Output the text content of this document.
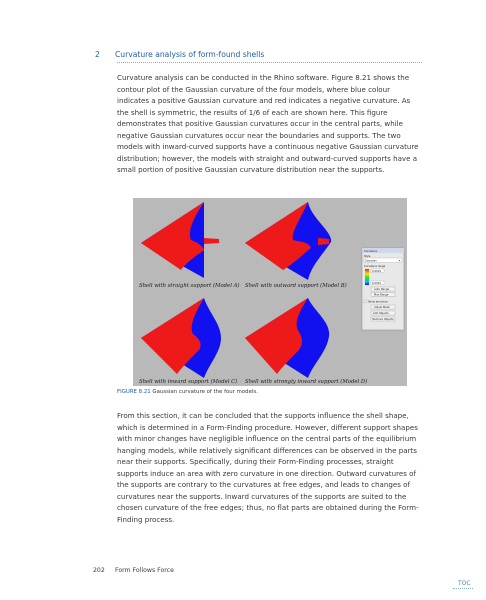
2 Curvature analysis of form-found shells

Curvature analysis can be conducted in the Rhino software. Figure 8.21 shows the contour plot of the Gaussian curvature of the four models, where blue colour indicates a positive Gaussian curvature and red indicates a negative curvature. As the shell is symmetric, the results of 1/6 of each are shown here. This figure demonstrates that positive Gaussian curvatures occur in the central parts, while negative Gaussian curvatures occur near the boundaries and supports. The two models with inward-curved supports have a continuous negative Gaussian curvature distribution; however, the models with straight and outward-curved supports have a small portion of positive Gaussian curvature distribution near the supports.

Shell with straight support (Model A) Shell with outward support (Model B)
Shell with inward support (Model C) Shell with strongly inward support (Model D)
Curvature
Style
Gaussian	▾
Curvature range
0.0001
0.0001
Auto Range
Max Range
Show structure
Adjust Mesh
Add Objects
Remove Objects
FIGURE 8.21 Gaussian curvature of the four models.

From this section, it can be concluded that the supports influence the shell shape, which is determined in a Form-Finding procedure. However, different support shapes with minor changes have negligible influence on the central parts of the equilibrium hanging models, while relatively significant differences can be observed in the parts near their supports. Specifically, during their Form-Finding processes, straight supports induce an area with zero curvature in one direction. Outward curvatures of the supports are contrary to the curvatures at free edges, and leads to changes of curvatures near the supports. Inward curvatures of the supports are suited to the chosen curvature of the free edges; thus, no flat parts are obtained during the Form-Finding process.

202 Form Follows Force
TOC
